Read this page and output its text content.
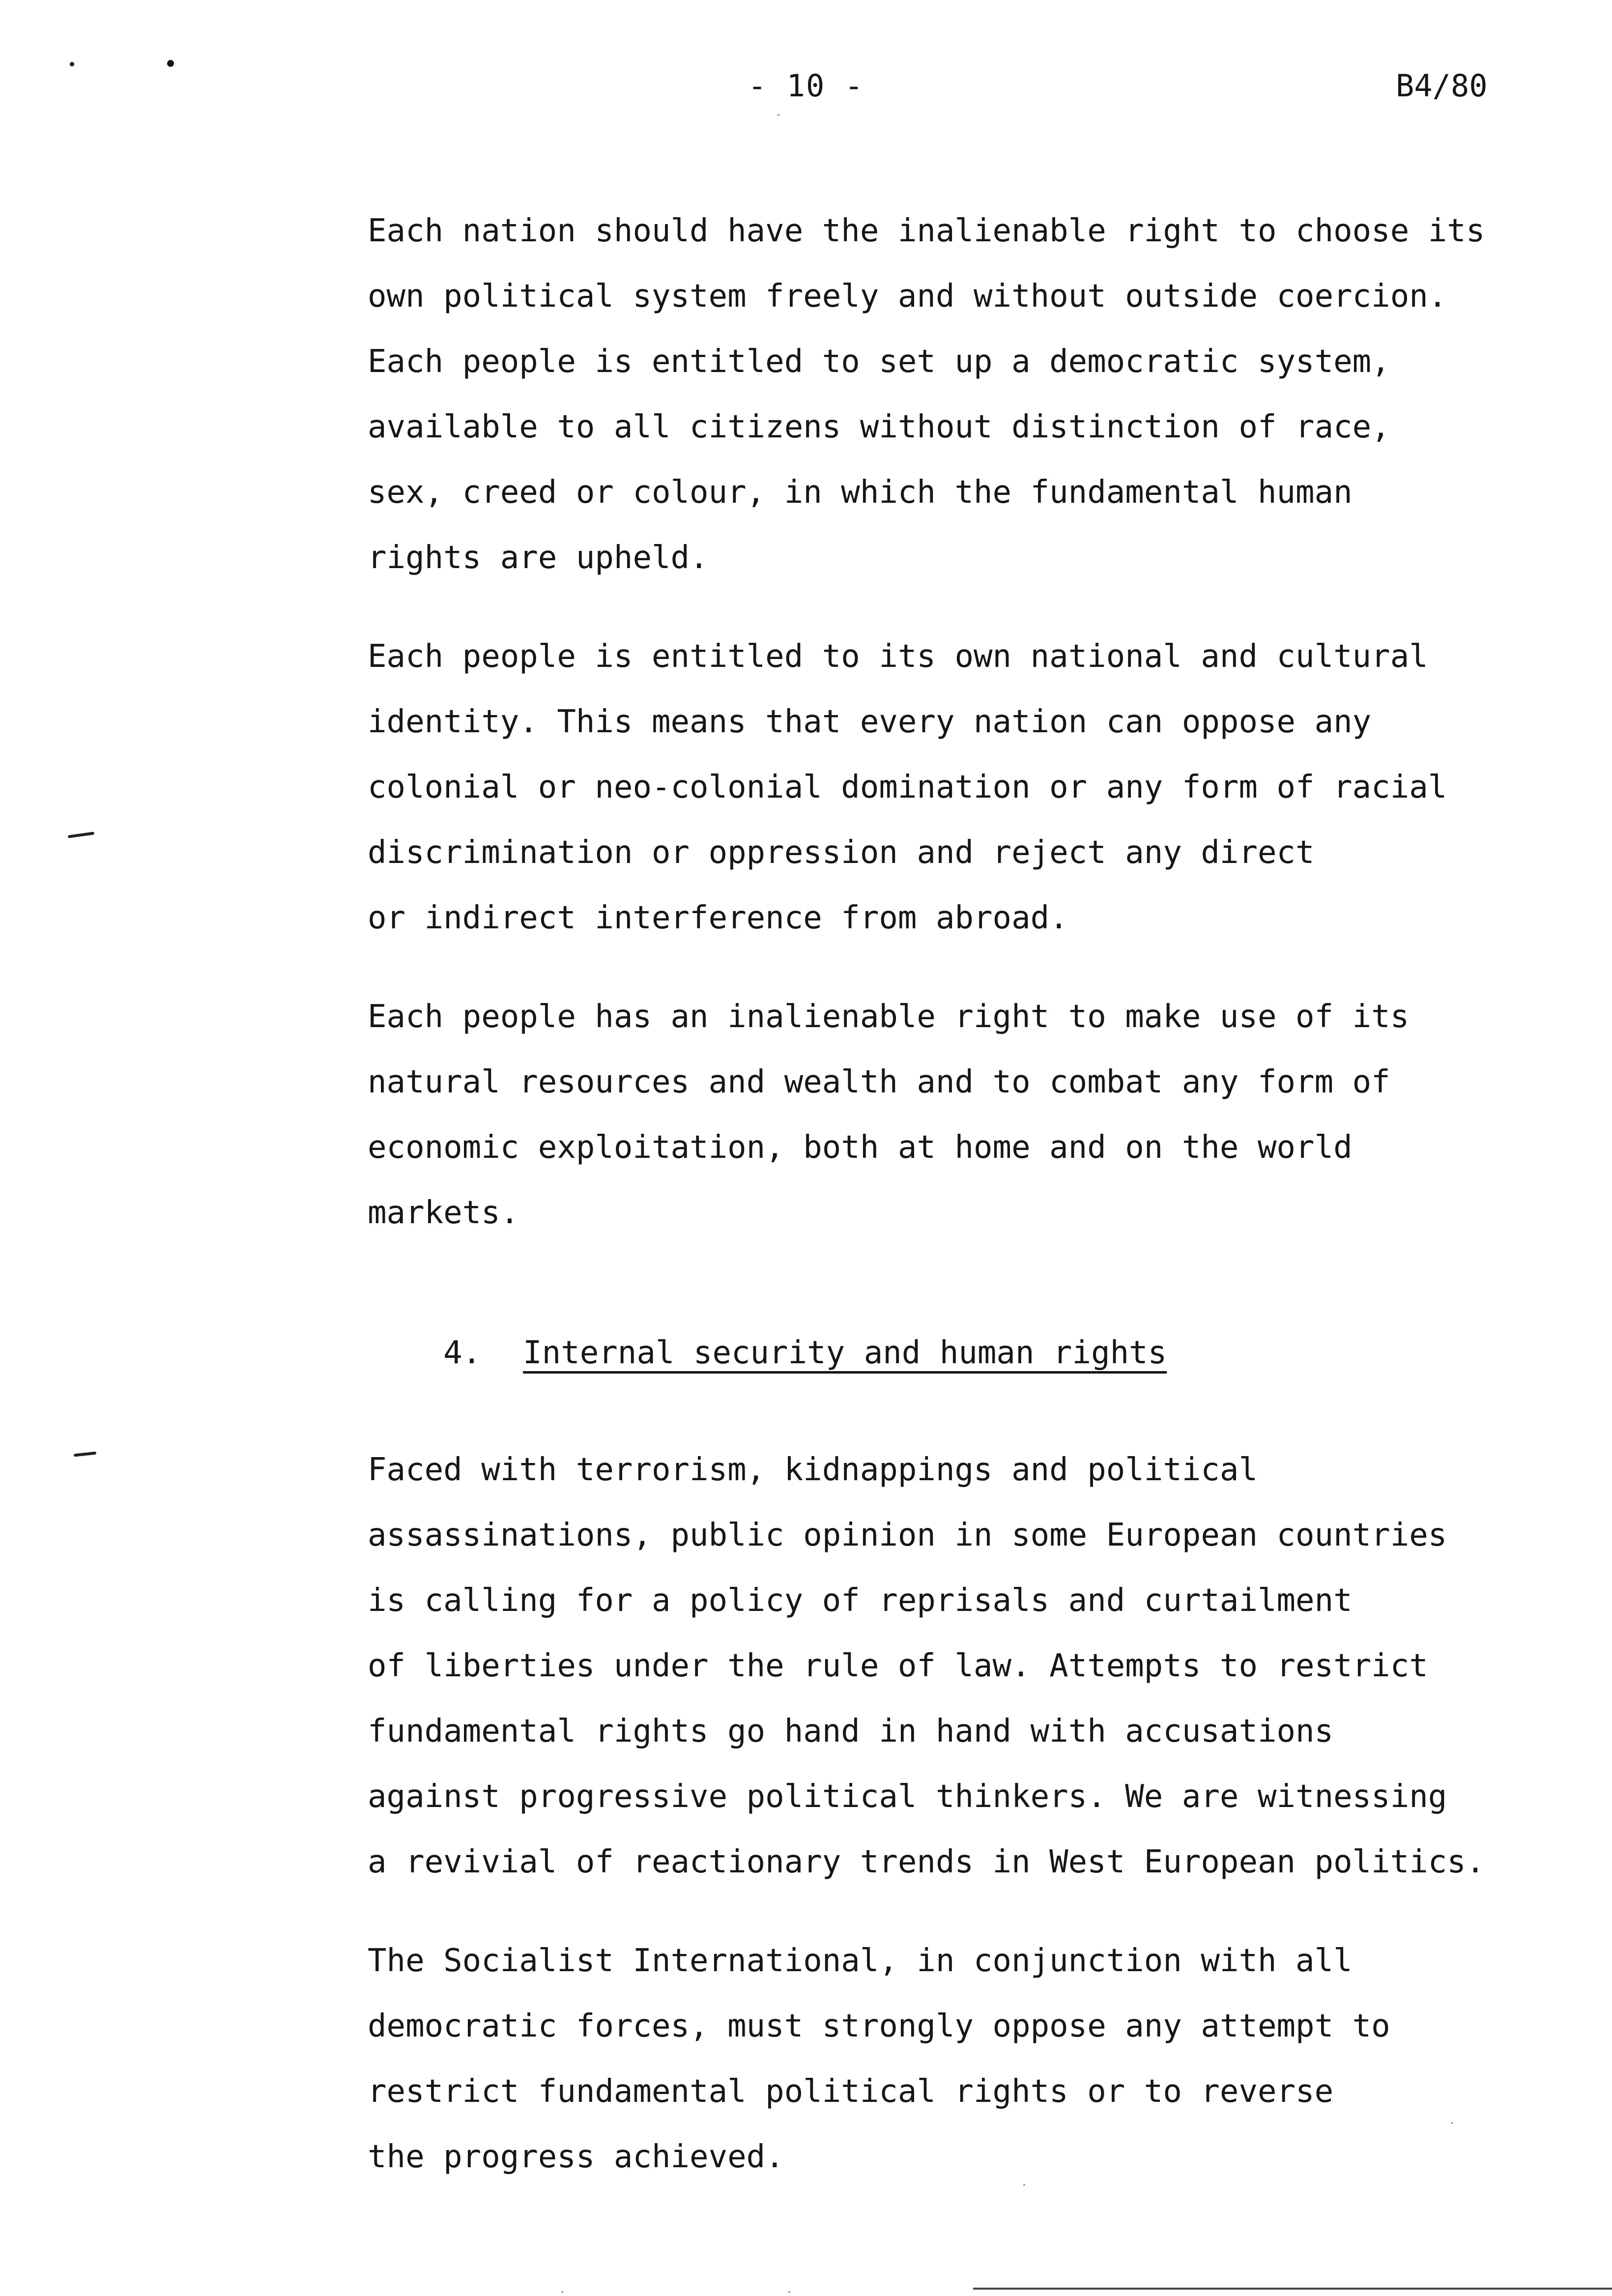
- 10 -	B4/80
Each nation should have the inalienable right to choose its
own political system freely and without outside coercion.
Each people is entitled to set up a democratic system,
available to all citizens without distinction of race,
sex, creed or colour, in which the fundamental human
rights are upheld.
Each people is entitled to its own national and cultural
identity. This means that every nation can oppose any
colonial or neo-colonial domination or any form of racial
discrimination or oppression and reject any direct
or indirect interference from abroad.
Each people has an inalienable right to make use of its
natural resources and wealth and to combat any form of
economic exploitation, both at home and on the world
markets.

4. Internal security and human rights

Faced with terrorism, kidnappings and political
assassinations, public opinion in some European countries
is calling for a policy of reprisals and curtailment
of liberties under the rule of law. Attempts to restrict
fundamental rights go hand in hand with accusations
against progressive political thinkers. We are witnessing
a revivial of reactionary trends in West European politics.
The Socialist International, in conjunction with all
democratic forces, must strongly oppose any attempt to
restrict fundamental political rights or to reverse
the progress achieved.
